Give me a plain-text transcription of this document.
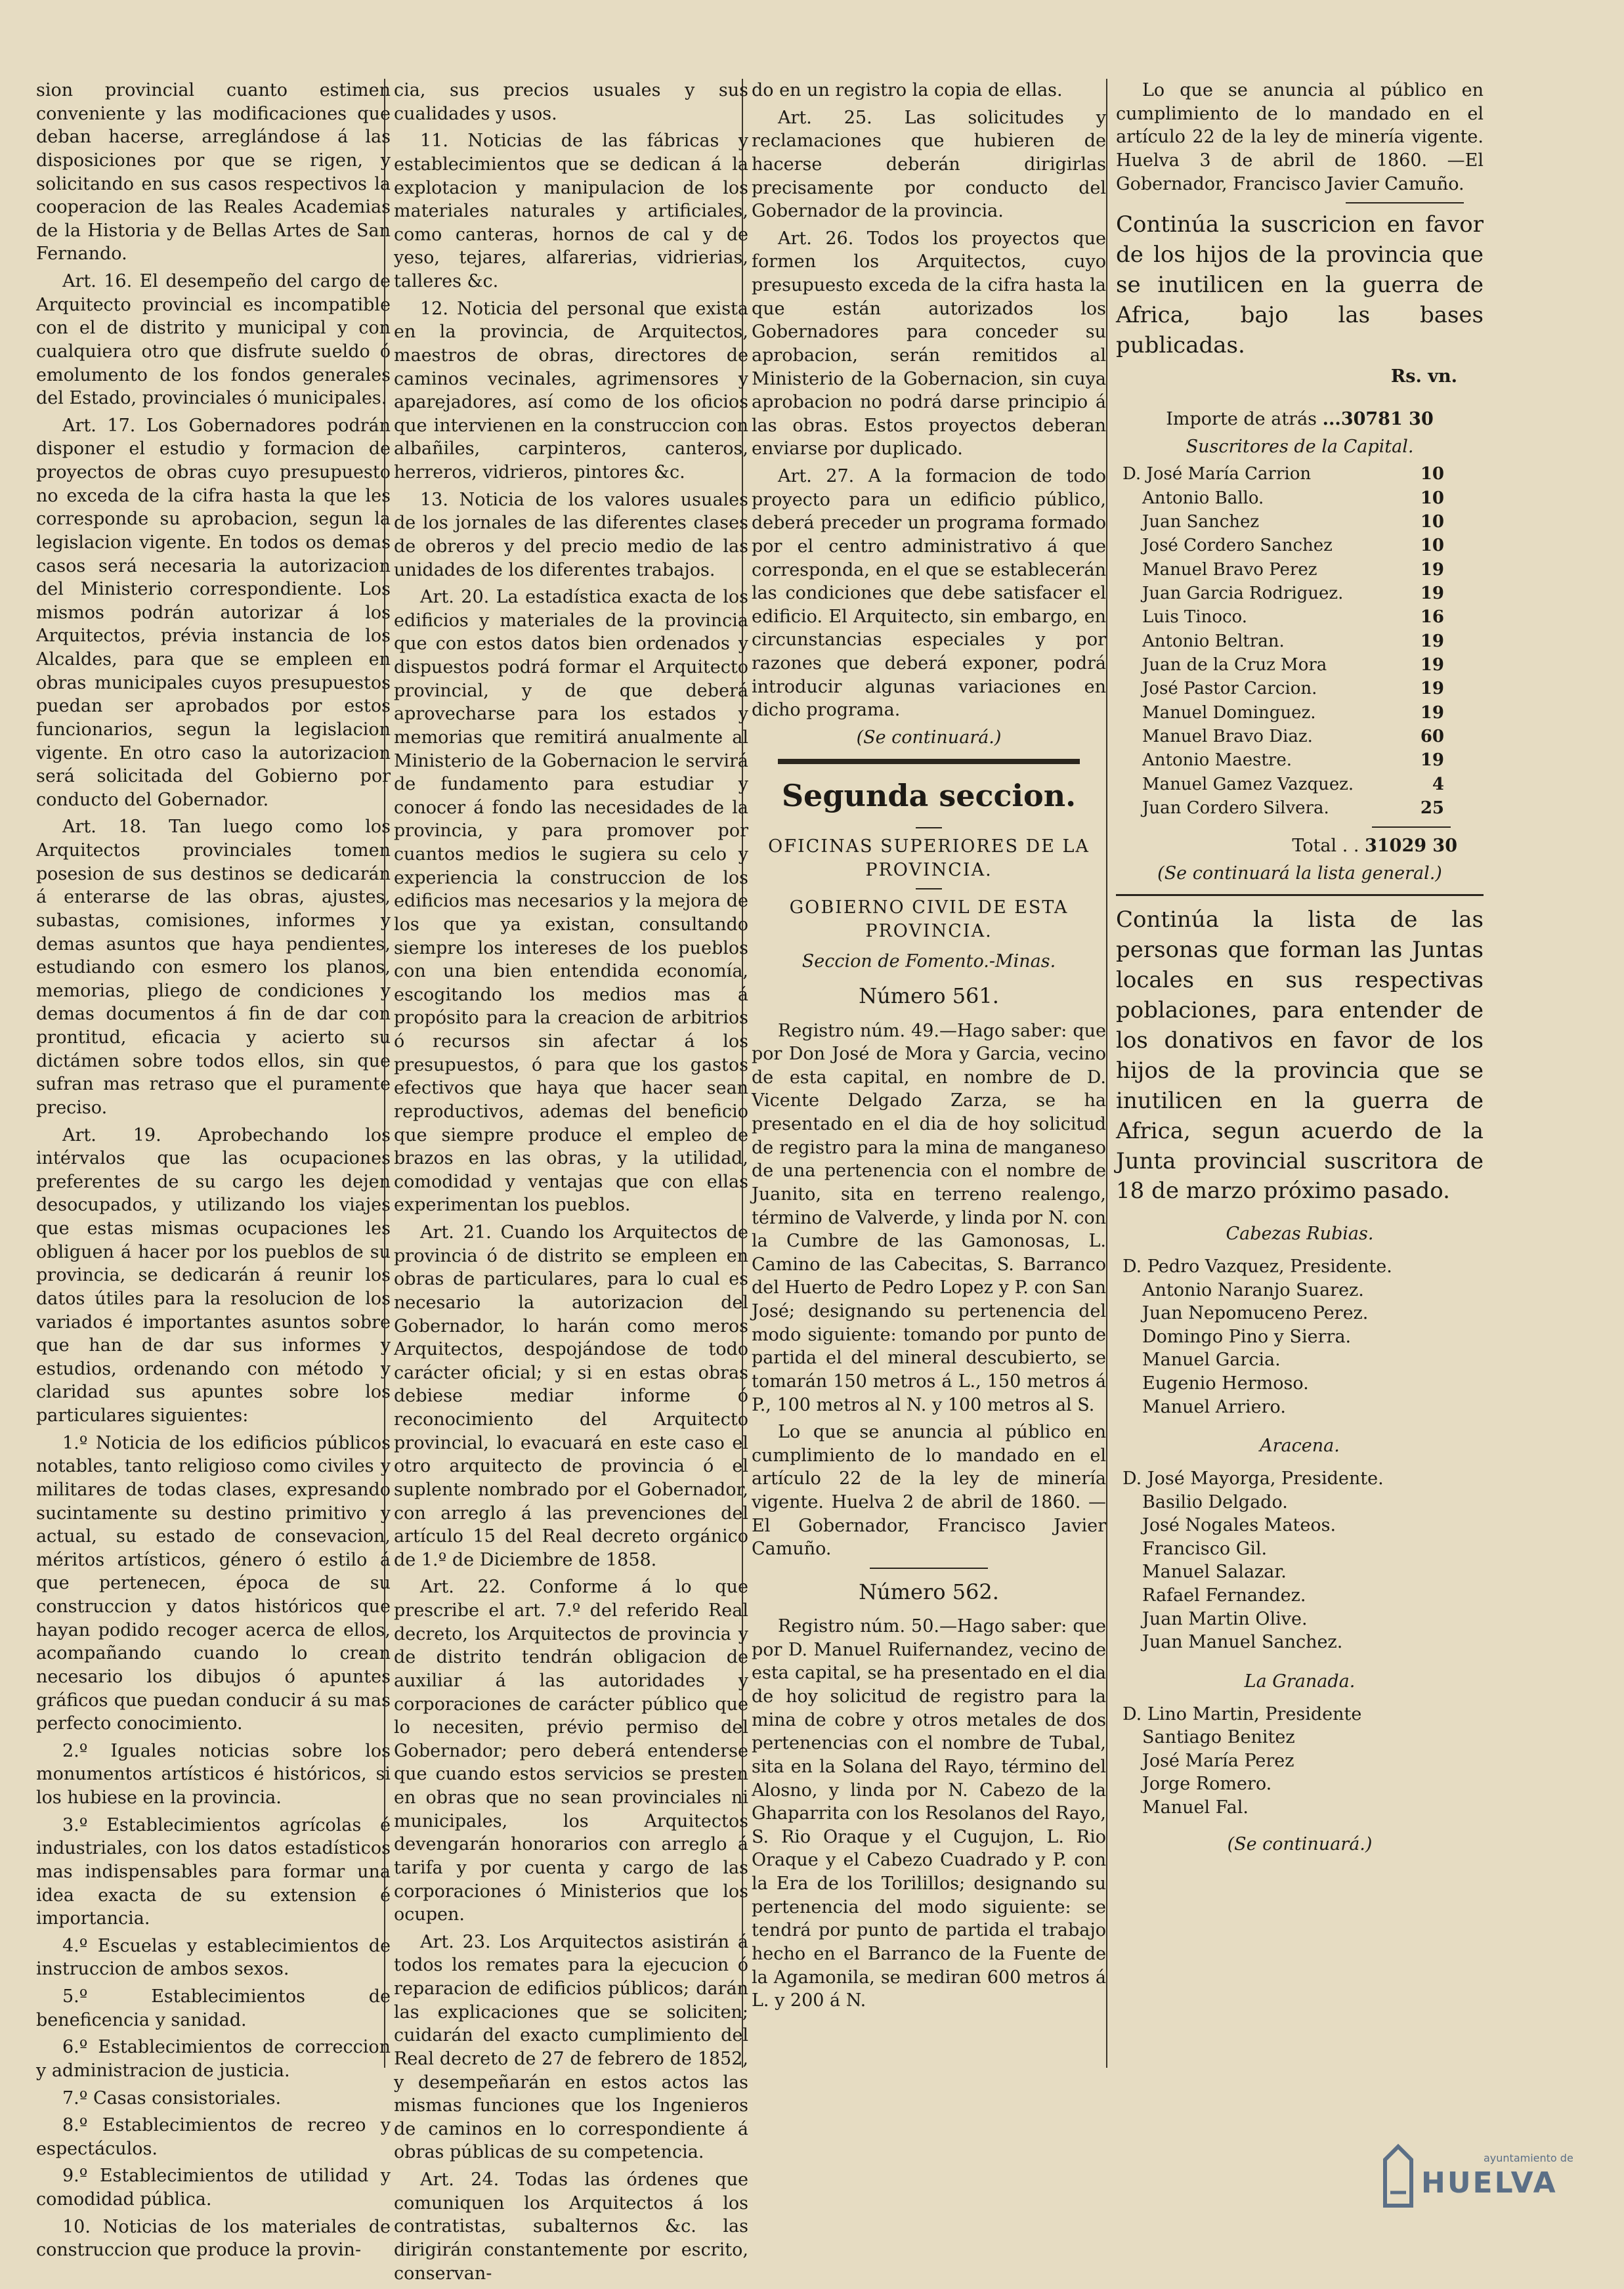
sion provincial cuanto estimen conveniente y las modificaciones que deban hacerse, arreglándose á las disposiciones por que se rigen, y solicitando en sus casos respectivos la cooperacion de las Reales Academias de la Historia y de Bellas Artes de San Fernando.

Art. 16. El desempeño del cargo de Arquitecto provincial es incompatible con el de distrito y municipal y con cualquiera otro que disfrute sueldo ó emolumento de los fondos generales del Estado, provinciales ó municipales.

Art. 17. Los Gobernadores podrán disponer el estudio y formacion de proyectos de obras cuyo presupuesto no exceda de la cifra hasta la que les corresponde su aprobacion, segun la legislacion vigente. En todos os demas casos será necesaria la autorizacion del Ministerio correspondiente. Los mismos podrán autorizar á los Arquitectos, prévia instancia de los Alcaldes, para que se empleen en obras municipales cuyos presupuestos puedan ser aprobados por estos funcionarios, segun la legislacion vigente. En otro caso la autorizacion será solicitada del Gobierno por conducto del Gobernador.

Art. 18. Tan luego como los Arquitectos provinciales tomen posesion de sus destinos se dedicarán á enterarse de las obras, ajustes, subastas, comisiones, informes y demas asuntos que haya pendientes, estudiando con esmero los planos, memorias, pliego de condiciones y demas documentos á fin de dar con prontitud, eficacia y acierto su dictámen sobre todos ellos, sin que sufran mas retraso que el puramente preciso.

Art. 19. Aprobechando los intérvalos que las ocupaciones preferentes de su cargo les dejen desocupados, y utilizando los viajes que estas mismas ocupaciones les obliguen á hacer por los pueblos de su provincia, se dedicarán á reunir los datos útiles para la resolucion de los variados é importantes asuntos sobre que han de dar sus informes y estudios, ordenando con método y claridad sus apuntes sobre los particulares siguientes:

1.º Noticia de los edificios públicos notables, tanto religioso como civiles y militares de todas clases, expresando sucintamente su destino primitivo y actual, su estado de consevacion, méritos artísticos, género ó estilo á que pertenecen, época de su construccion y datos históricos que hayan podido recoger acerca de ellos, acompañando cuando lo crean necesario los dibujos ó apuntes gráficos que puedan conducir á su mas perfecto conocimiento.

2.º Iguales noticias sobre los monumentos artísticos é históricos, si los hubiese en la provincia.

3.º Establecimientos agrícolas é industriales, con los datos estadísticos mas indispensables para formar una idea exacta de su extension é importancia.

4.º Escuelas y establecimientos de instruccion de ambos sexos.

5.º Establecimientos de beneficencia y sanidad.

6.º Establecimientos de correccion y administracion de justicia.

7.º Casas consistoriales.

8.º Establecimientos de recreo y espectáculos.

9.º Establecimientos de utilidad y comodidad pública.

10. Noticias de los materiales de construccion que produce la provin-

cia, sus precios usuales y sus cualidades y usos.

11. Noticias de las fábricas y establecimientos que se dedican á la explotacion y manipulacion de los materiales naturales y artificiales, como canteras, hornos de cal y de yeso, tejares, alfarerias, vidrierias, talleres &c.

12. Noticia del personal que exista en la provincia, de Arquitectos, maestros de obras, directores de caminos vecinales, agrimensores y aparejadores, así como de los oficios que intervienen en la construccion con albañiles, carpinteros, canteros, herreros, vidrieros, pintores &c.

13. Noticia de los valores usuales de los jornales de las diferentes clases de obreros y del precio medio de las unidades de los diferentes trabajos.

Art. 20. La estadística exacta de los edificios y materiales de la provincia que con estos datos bien ordenados y dispuestos podrá formar el Arquitecto provincial, y de que deberá aprovecharse para los estados y memorias que remitirá anualmente al Ministerio de la Gobernacion le servirá de fundamento para estudiar y conocer á fondo las necesidades de la provincia, y para promover por cuantos medios le sugiera su celo y experiencia la construccion de los edificios mas necesarios y la mejora de los que ya existan, consultando siempre los intereses de los pueblos con una bien entendida economía, escogitando los medios mas á propósito para la creacion de arbitrios ó recursos sin afectar á los presupuestos, ó para que los gastos efectivos que haya que hacer sean reproductivos, ademas del beneficio que siempre produce el empleo de brazos en las obras, y la utilidad, comodidad y ventajas que con ellas experimentan los pueblos.

Art. 21. Cuando los Arquitectos de provincia ó de distrito se empleen en obras de particulares, para lo cual es necesario la autorizacion del Gobernador, lo harán como meros Arquitectos, despojándose de todo carácter oficial; y si en estas obras debiese mediar informe ó reconocimiento del Arquitecto provincial, lo evacuará en este caso el otro arquitecto de provincia ó el suplente nombrado por el Gobernador, con arreglo á las prevenciones del artículo 15 del Real decreto orgánico de 1.º de Diciembre de 1858.

Art. 22. Conforme á lo que prescribe el art. 7.º del referido Real decreto, los Arquitectos de provincia y de distrito tendrán obligacion de auxiliar á las autoridades y corporaciones de carácter público que lo necesiten, prévio permiso del Gobernador; pero deberá entenderse que cuando estos servicios se presten en obras que no sean provinciales ni municipales, los Arquitectos devengarán honorarios con arreglo á tarifa y por cuenta y cargo de las corporaciones ó Ministerios que los ocupen.

Art. 23. Los Arquitectos asistirán á todos los remates para la ejecucion ó reparacion de edificios públicos; darán las explicaciones que se soliciten; cuidarán del exacto cumplimiento del Real decreto de 27 de febrero de 1852, y desempeñarán en estos actos las mismas funciones que los Ingenieros de caminos en lo correspondiente á obras públicas de su competencia.

Art. 24. Todas las órdenes que comuniquen los Arquitectos á los contratistas, subalternos &c. las dirigirán constantemente por escrito, conservan-

do en un registro la copia de ellas.

Art. 25. Las solicitudes y reclamaciones que hubieren de hacerse deberán dirigirlas precisamente por conducto del Gobernador de la provincia.

Art. 26. Todos los proyectos que formen los Arquitectos, cuyo presupuesto exceda de la cifra hasta la que están autorizados los Gobernadores para conceder su aprobacion, serán remitidos al Ministerio de la Gobernacion, sin cuya aprobacion no podrá darse principio á las obras. Estos proyectos deberan enviarse por duplicado.

Art. 27. A la formacion de todo proyecto para un edificio público, deberá preceder un programa formado por el centro administrativo á que corresponda, en el que se establecerán las condiciones que debe satisfacer el edificio. El Arquitecto, sin embargo, en circunstancias especiales y por razones que deberá exponer, podrá introducir algunas variaciones en dicho programa.

(Se continuará.)

Segunda seccion.
OFICINAS SUPERIORES DE LA PROVINCIA.
GOBIERNO CIVIL DE ESTA PROVINCIA.

Seccion de Fomento.-Minas.

Número 561.

Registro núm. 49.—Hago saber: que por Don José de Mora y Garcia, vecino de esta capital, en nombre de D. Vicente Delgado Zarza, se ha presentado en el dia de hoy solicitud de registro para la mina de manganeso de una pertenencia con el nombre de Juanito, sita en terreno realengo, término de Valverde, y linda por N. con la Cumbre de las Gamonosas, L. Camino de las Cabecitas, S. Barranco del Huerto de Pedro Lopez y P. con San José; designando su pertenencia del modo siguiente: tomando por punto de partida el del mineral descubierto, se tomarán 150 metros á L., 150 metros á P., 100 metros al N. y 100 metros al S.

Lo que se anuncia al público en cumplimiento de lo mandado en el artículo 22 de la ley de minería vigente. Huelva 2 de abril de 1860. —El Gobernador, Francisco Javier Camuño.

Número 562.

Registro núm. 50.—Hago saber: que por D. Manuel Ruifernandez, vecino de esta capital, se ha presentado en el dia de hoy solicitud de registro para la mina de cobre y otros metales de dos pertenencias con el nombre de Tubal, sita en la Solana del Rayo, término del Alosno, y linda por N. Cabezo de la Ghaparrita con los Resolanos del Rayo, S. Rio Oraque y el Cugujon, L. Rio Oraque y el Cabezo Cuadrado y P. con la Era de los Torilillos; designando su pertenencia del modo siguiente: se tendrá por punto de partida el trabajo hecho en el Barranco de la Fuente de la Agamonila, se mediran 600 metros á L. y 200 á N.

Lo que se anuncia al público en cumplimiento de lo mandado en el artículo 22 de la ley de minería vigente. Huelva 3 de abril de 1860. —El Gobernador, Francisco Javier Camuño.

Continúa la suscricion en favor de los hijos de la provincia que se inutilicen en la guerra de Africa, bajo las bases publicadas.

Rs. vn.

Importe de atrás ...30781 30

Suscritores de la Capital.

D. José María Carrion	10
Antonio Ballo.	10
Juan Sanchez	10
José Cordero Sanchez	10
Manuel Bravo Perez	19
Juan Garcia Rodriguez.	19
Luis Tinoco.	16
Antonio Beltran.	19
Juan de la Cruz Mora	19
José Pastor Carcion.	19
Manuel Dominguez.	19
Manuel Bravo Diaz.	60
Antonio Maestre.	19
Manuel Gamez Vazquez.	4
Juan Cordero Silvera.	25

Total . . 31029 30

(Se continuará la lista general.)

Continúa la lista de las personas que forman las Juntas locales en sus respectivas poblaciones, para entender de los donativos en favor de los hijos de la provincia que se inutilicen en la guerra de Africa, segun acuerdo de la Junta provincial suscritora de 18 de marzo próximo pasado.

Cabezas Rubias.

D. Pedro Vazquez, Presidente.

Antonio Naranjo Suarez.

Juan Nepomuceno Perez.

Domingo Pino y Sierra.

Manuel Garcia.

Eugenio Hermoso.

Manuel Arriero.

Aracena.

D. José Mayorga, Presidente.

Basilio Delgado.

José Nogales Mateos.

Francisco Gil.

Manuel Salazar.

Rafael Fernandez.

Juan Martin Olive.

Juan Manuel Sanchez.

La Granada.

D. Lino Martin, Presidente

Santiago Benitez

José María Perez

Jorge Romero.

Manuel Fal.

(Se continuará.)

ayuntamiento de
HUELVA
